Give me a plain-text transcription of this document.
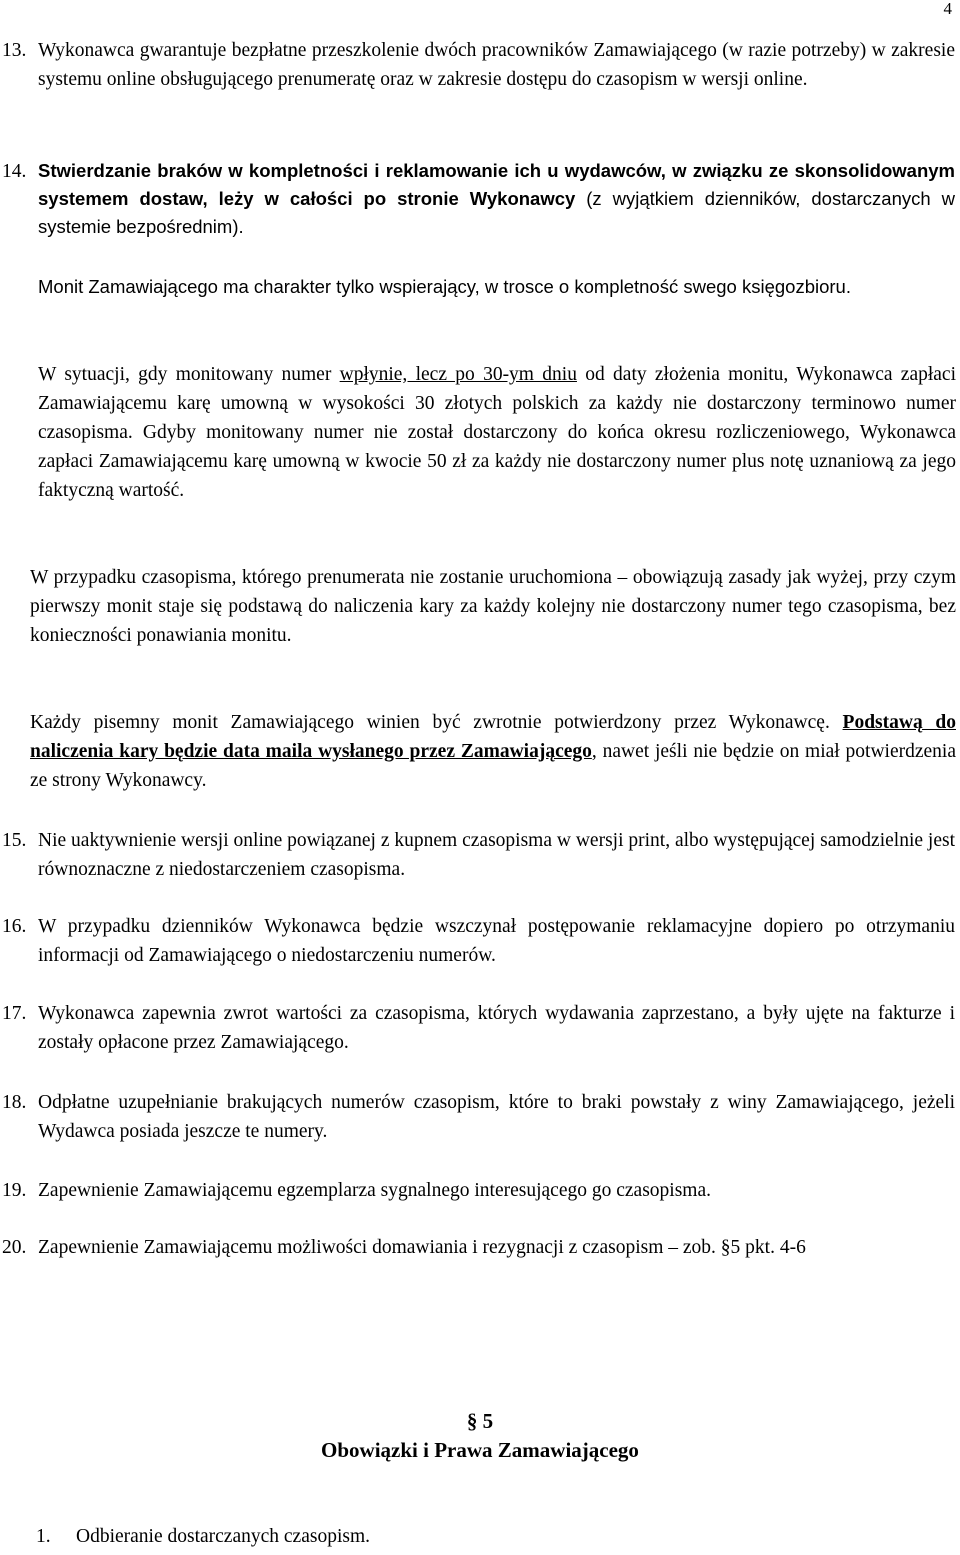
4
13. Wykonawca gwarantuje bezpłatne przeszkolenie dwóch pracowników Zamawiającego (w razie potrzeby) w zakresie systemu online obsługującego prenumeratę oraz w zakresie dostępu do czasopism w wersji online.
14. Stwierdzanie braków w kompletności i reklamowanie ich u wydawców, w związku ze skonsolidowanym systemem dostaw, leży w całości po stronie Wykonawcy (z wyjątkiem dzienników, dostarczanych w systemie bezpośrednim).
Monit Zamawiającego ma charakter tylko wspierający, w trosce o kompletność swego księgozbioru.
W sytuacji, gdy monitowany numer wpłynie, lecz po 30-ym dniu od daty złożenia monitu, Wykonawca zapłaci Zamawiającemu karę umowną w wysokości 30 złotych polskich za każdy nie dostarczony terminowo numer czasopisma. Gdyby monitowany numer nie został dostarczony do końca okresu rozliczeniowego, Wykonawca zapłaci Zamawiającemu karę umowną w kwocie 50 zł za każdy nie dostarczony numer plus notę uznaniową za jego faktyczną wartość.
W przypadku czasopisma, którego prenumerata nie zostanie uruchomiona – obowiązują zasady jak wyżej, przy czym pierwszy monit staje się podstawą do naliczenia kary za każdy kolejny nie dostarczony numer tego czasopisma, bez konieczności ponawiania monitu.
Każdy pisemny monit Zamawiającego winien być zwrotnie potwierdzony przez Wykonawcę. Podstawą do naliczenia kary będzie data maila wysłanego przez Zamawiającego, nawet jeśli nie będzie on miał potwierdzenia ze strony Wykonawcy.
15. Nie uaktywnienie wersji online powiązanej z kupnem czasopisma w wersji print, albo występującej samodzielnie jest równoznaczne z niedostarczeniem czasopisma.
16. W przypadku dzienników Wykonawca będzie wszczynał postępowanie reklamacyjne dopiero po otrzymaniu informacji od Zamawiającego o niedostarczeniu numerów.
17. Wykonawca zapewnia zwrot wartości za czasopisma, których wydawania zaprzestano, a były ujęte na fakturze i zostały opłacone przez Zamawiającego.
18. Odpłatne uzupełnianie brakujących numerów czasopism, które to braki powstały z winy Zamawiającego, jeżeli Wydawca posiada jeszcze te numery.
19. Zapewnienie Zamawiającemu egzemplarza sygnalnego interesującego go czasopisma.
20. Zapewnienie Zamawiającemu możliwości domawiania i rezygnacji z czasopism – zob. §5 pkt. 4-6
§ 5
Obowiązki i Prawa Zamawiającego
1. Odbieranie dostarczanych czasopism.
